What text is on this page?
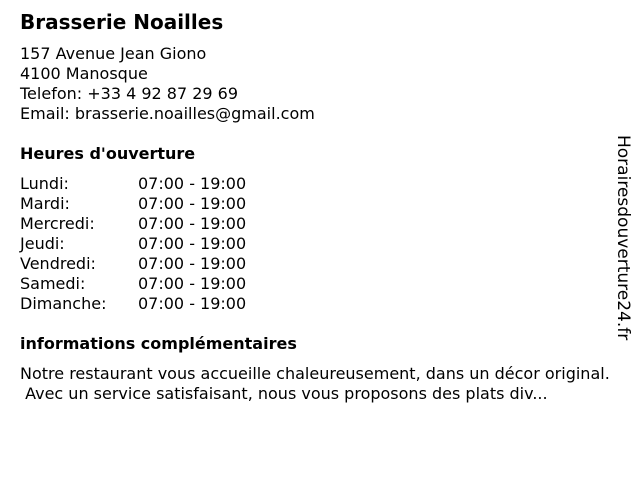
Brasserie Noailles
157 Avenue Jean Giono
4100 Manosque
Telefon: +33 4 92 87 29 69
Email: brasserie.noailles@gmail.com
Heures d'ouverture
Lundi:	07:00 - 19:00
Mardi:	07:00 - 19:00
Mercredi:	07:00 - 19:00
Jeudi:	07:00 - 19:00
Vendredi:	07:00 - 19:00
Samedi:	07:00 - 19:00
Dimanche:	07:00 - 19:00
informations complémentaires
Notre restaurant vous accueille chaleureusement, dans un décor original.
Avec un service satisfaisant, nous vous proposons des plats div...
Horairesdouverture24.fr
